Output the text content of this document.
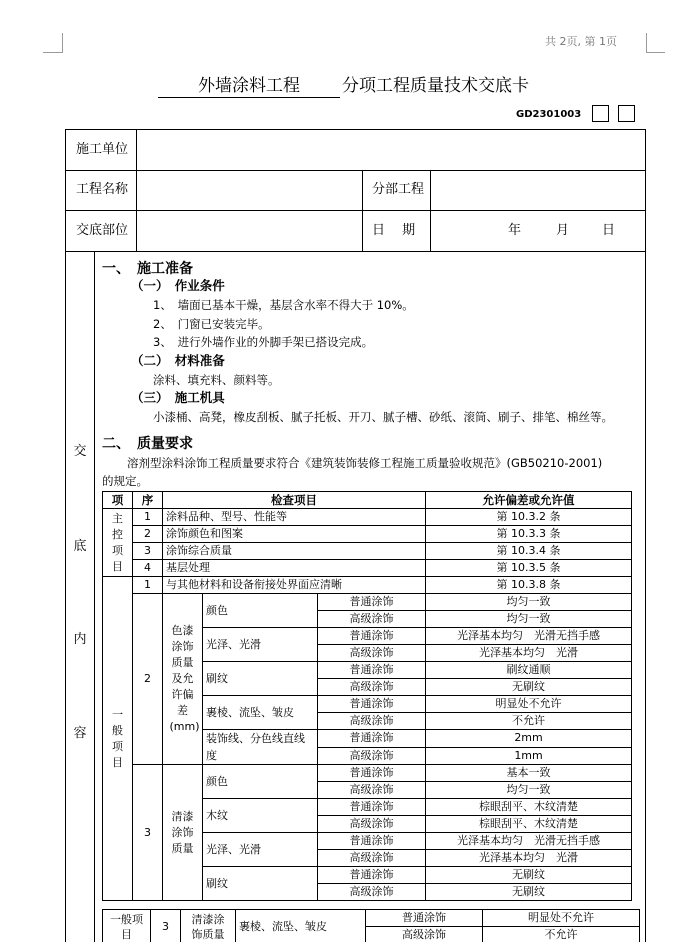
共 2页, 第 1页
外墙涂料工程	分项工程质量技术交底卡
GD2301003
施工单位
工程名称	分部工程
交底部位	日　 期	年	月	日
交
底
内
容
一、　施工准备
（一）　作业条件
1、　墙面已基本干燥，基层含水率不得大于 10%。
2、　门窗已安装完毕。
3、　进行外墙作业的外脚手架已搭设完成。
（二）　材料准备
涂料、填充料、颜料等。
（三）　施工机具
小漆桶、高凳，橡皮刮板、腻子托板、开刀、腻子槽、砂纸、滚筒、刷子、排笔、棉丝等。
二、　质量要求
溶剂型涂料涂饰工程质量要求符合《建筑装饰装修工程施工质量验收规范》(GB50210-2001)
的规定。
项	序	检查项目			允许偏差或允许值

主控项目	1	涂料品种、型号、性能等			第 10.3.2 条
	2	涂饰颜色和图案			第 10.3.3 条
	3	涂饰综合质量			第 10.3.4 条
	4	基层处理			第 10.3.5 条

一般项目	1	与其他材料和设备衔接处界面应清晰			第 10.3.8 条
	2	色漆涂饰质量及允许偏差(mm)	颜色	普通涂饰	均匀一致
				高级涂饰	均匀一致
			光泽、光滑	普通涂饰	光泽基本均匀　光滑无挡手感
				高级涂饰	光泽基本均匀　光滑
			刷纹	普通涂饰	刷纹通顺
				高级涂饰	无刷纹
			裹棱、流坠、皱皮	普通涂饰	明显处不允许
				高级涂饰	不允许

			装饰线、分色线直线度	普通涂饰	2mm
				高级涂饰	1mm
	3	清漆涂饰质量	颜色	普通涂饰	基本一致
				高级涂饰	均匀一致
			木纹	普通涂饰	棕眼刮平、木纹清楚
				高级涂饰	棕眼刮平、木纹清楚
			光泽、光滑	普通涂饰	光泽基本均匀　光滑无挡手感
				高级涂饰	光泽基本均匀　光滑
			刷纹	普通涂饰	无刷纹
				高级涂饰	无刷纹
一般项目	3	清漆涂饰质量	裹棱、流坠、皱皮	普通涂饰	明显处不允许
				高级涂饰	不允许
